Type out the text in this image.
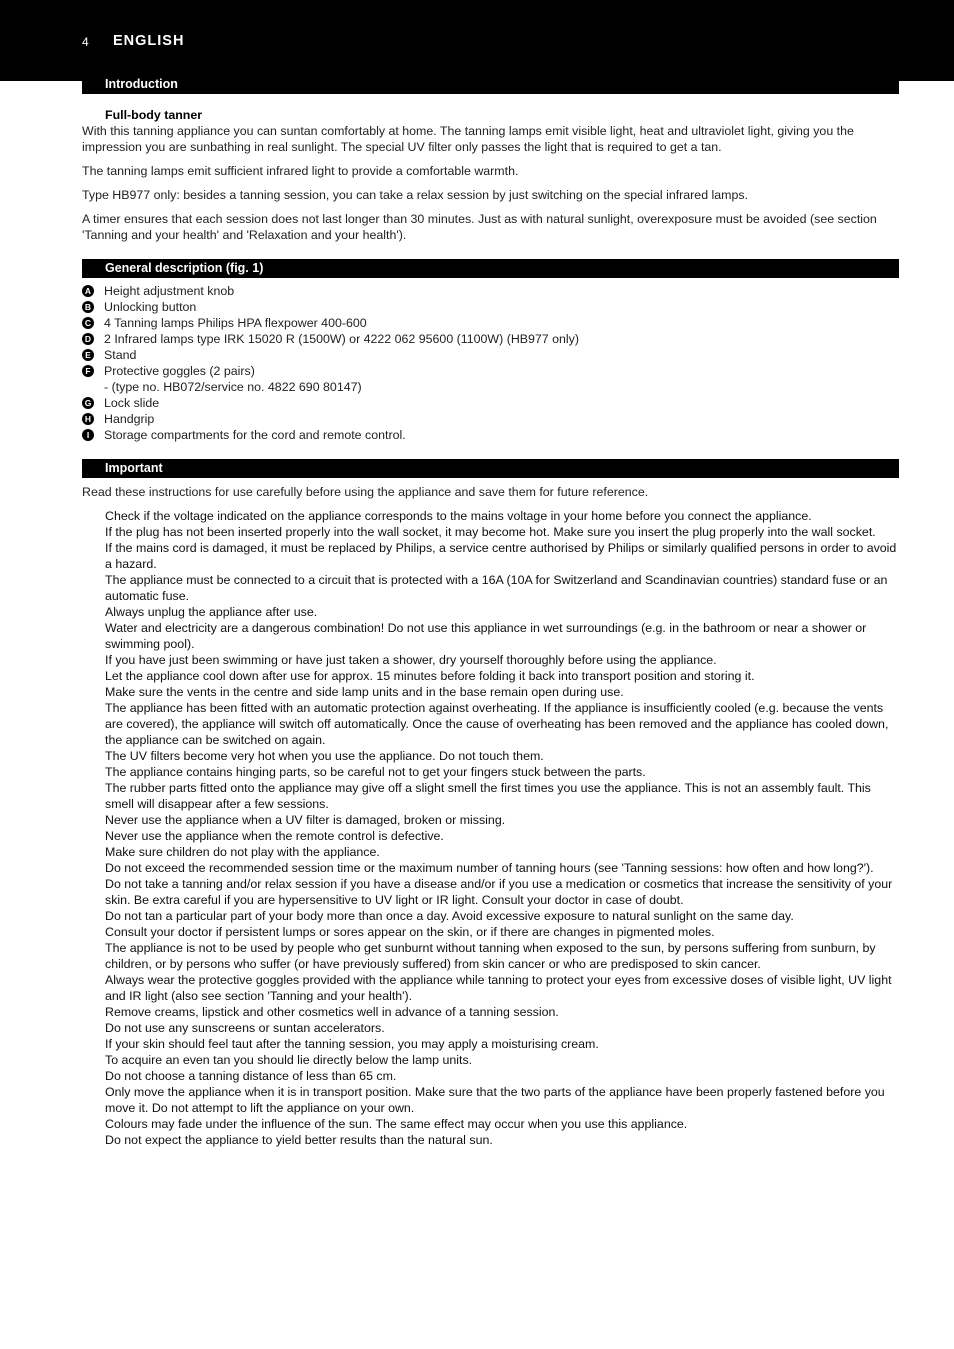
4 ENGLISH
Introduction

Full-body tanner

With this tanning appliance you can suntan comfortably at home. The tanning lamps emit visible light, heat and ultraviolet light, giving you the impression you are sunbathing in real sunlight. The special UV filter only passes the light that is required to get a tan.

The tanning lamps emit sufficient infrared light to provide a comfortable warmth.

Type HB977 only: besides a tanning session, you can take a relax session by just switching on the special infrared lamps.

A timer ensures that each session does not last longer than 30 minutes. Just as with natural sunlight, overexposure must be avoided (see section 'Tanning and your health' and 'Relaxation and your health').

General description (fig. 1)
A Height adjustment knob
B Unlocking button
C 4 Tanning lamps Philips HPA flexpower 400-600
D 2 Infrared lamps type IRK 15020 R (1500W) or 4222 062 95600 (1100W) (HB977 only)
E Stand
F Protective goggles (2 pairs)
- (type no. HB072/service no. 4822 690 80147)
G Lock slide
H Handgrip
I	Storage compartments for the cord and remote control.
Important
Read these instructions for use carefully before using the appliance and save them for future reference.

Check if the voltage indicated on the appliance corresponds to the mains voltage in your home before you connect the appliance.

If the plug has not been inserted properly into the wall socket, it may become hot. Make sure you insert the plug properly into the wall socket.

If the mains cord is damaged, it must be replaced by Philips, a service centre authorised by Philips or similarly qualified persons in order to avoid a hazard.

The appliance must be connected to a circuit that is protected with a 16A (10A for Switzerland and Scandinavian countries) standard fuse or an automatic fuse.

Always unplug the appliance after use.

Water and electricity are a dangerous combination! Do not use this appliance in wet surroundings (e.g. in the bathroom or near a shower or swimming pool).

If you have just been swimming or have just taken a shower, dry yourself thoroughly before using the appliance.

Let the appliance cool down after use for approx. 15 minutes before folding it back into transport position and storing it.

Make sure the vents in the centre and side lamp units and in the base remain open during use.

The appliance has been fitted with an automatic protection against overheating. If the appliance is insufficiently cooled (e.g. because the vents are covered), the appliance will switch off automatically. Once the cause of overheating has been removed and the appliance has cooled down, the appliance can be switched on again.

The UV filters become very hot when you use the appliance. Do not touch them.

The appliance contains hinging parts, so be careful not to get your fingers stuck between the parts.

The rubber parts fitted onto the appliance may give off a slight smell the first times you use the appliance. This is not an assembly fault. This smell will disappear after a few sessions.

Never use the appliance when a UV filter is damaged, broken or missing.

Never use the appliance when the remote control is defective.

Make sure children do not play with the appliance.

Do not exceed the recommended session time or the maximum number of tanning hours (see 'Tanning sessions: how often and how long?').

Do not take a tanning and/or relax session if you have a disease and/or if you use a medication or cosmetics that increase the sensitivity of your skin. Be extra careful if you are hypersensitive to UV light or IR light. Consult your doctor in case of doubt.

Do not tan a particular part of your body more than once a day. Avoid excessive exposure to natural sunlight on the same day.

Consult your doctor if persistent lumps or sores appear on the skin, or if there are changes in pigmented moles.

The appliance is not to be used by people who get sunburnt without tanning when exposed to the sun, by persons suffering from sunburn, by children, or by persons who suffer (or have previously suffered) from skin cancer or who are predisposed to skin cancer.

Always wear the protective goggles provided with the appliance while tanning to protect your eyes from excessive doses of visible light, UV light and IR light (also see section 'Tanning and your health').

Remove creams, lipstick and other cosmetics well in advance of a tanning session.

Do not use any sunscreens or suntan accelerators.

If your skin should feel taut after the tanning session, you may apply a moisturising cream.

To acquire an even tan you should lie directly below the lamp units.

Do not choose a tanning distance of less than 65 cm.

Only move the appliance when it is in transport position. Make sure that the two parts of the appliance have been properly fastened before you move it. Do not attempt to lift the appliance on your own.

Colours may fade under the influence of the sun. The same effect may occur when you use this appliance.

Do not expect the appliance to yield better results than the natural sun.
